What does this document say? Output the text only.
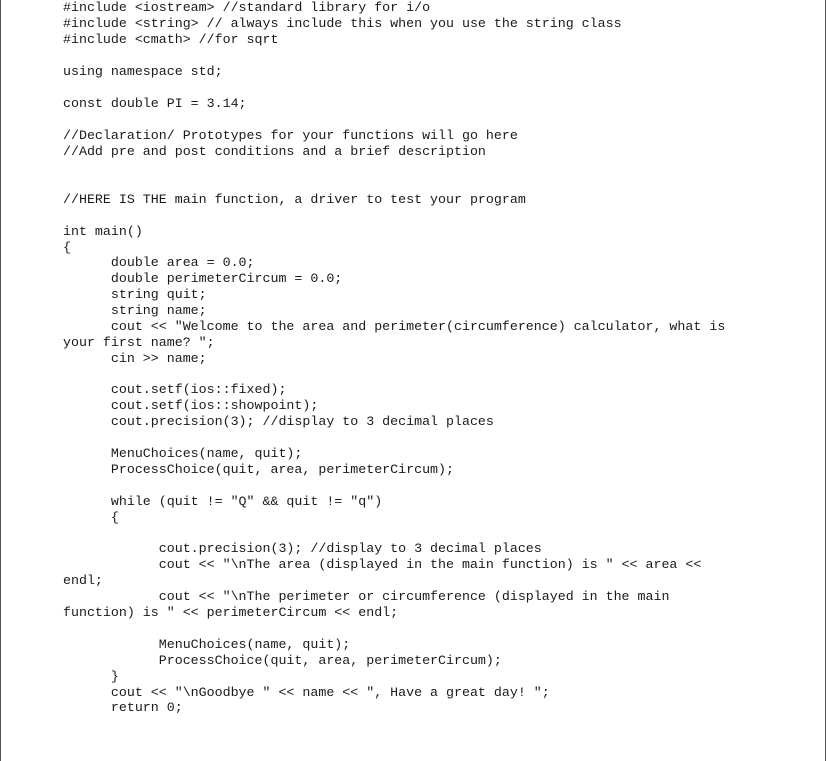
#include <iostream> //standard library for i/o
#include <string> // always include this when you use the string class
#include <cmath> //for sqrt
using namespace std;
const double PI = 3.14;
//Declaration/ Prototypes for your functions will go here
//Add pre and post conditions and a brief description
//HERE IS THE main function, a driver to test your program
int main()
{
double area = 0.0;
double perimeterCircum = 0.0;
string quit;
string name;
cout << "Welcome to the area and perimeter(circumference) calculator, what is
your first name? ";
cin >> name;
cout.setf(ios::fixed);
cout.setf(ios::showpoint);
cout.precision(3); //display to 3 decimal places
MenuChoices(name, quit);
ProcessChoice(quit, area, perimeterCircum);
while (quit != "Q" && quit != "q")
{
cout.precision(3); //display to 3 decimal places
cout << "\nThe area (displayed in the main function) is " << area <<
endl;
cout << "\nThe perimeter or circumference (displayed in the main
function) is " << perimeterCircum << endl;
MenuChoices(name, quit);
ProcessChoice(quit, area, perimeterCircum);
}
cout << "\nGoodbye " << name << ", Have a great day! ";
return 0;
